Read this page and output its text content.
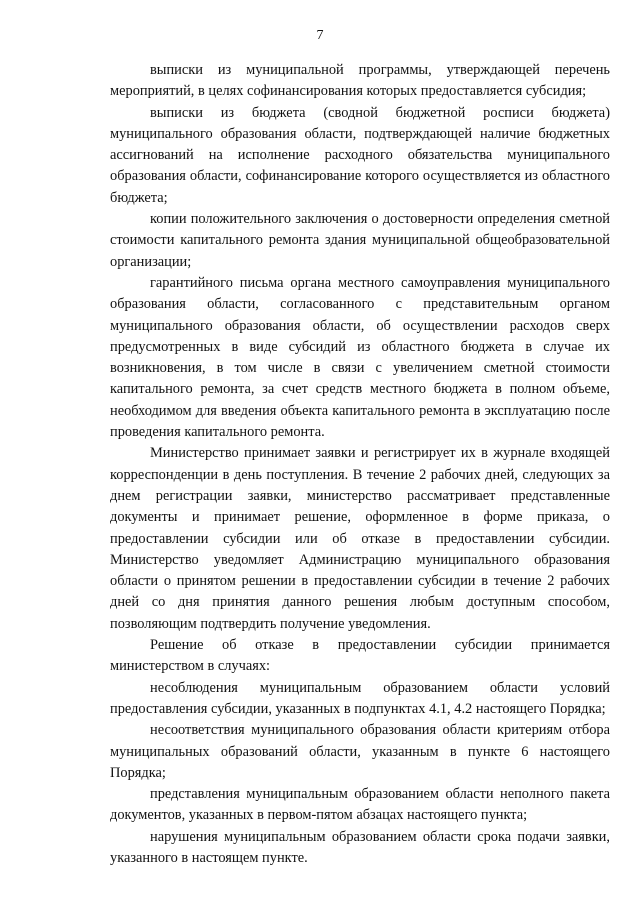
7

выписки из муниципальной программы, утверждающей перечень мероприятий, в целях софинансирования которых предоставляется субсидия;

выписки из бюджета (сводной бюджетной росписи бюджета) муниципального образования области, подтверждающей наличие бюджетных ассигнований на исполнение расходного обязательства муниципального образования области, софинансирование которого осуществляется из областного бюджета;

копии положительного заключения о достоверности определения сметной стоимости капитального ремонта здания муниципальной общеобразовательной организации;

гарантийного письма органа местного самоуправления муниципального образования области, согласованного с представительным органом муниципального образования области, об осуществлении расходов сверх предусмотренных в виде субсидий из областного бюджета в случае их возникновения, в том числе в связи с увеличением сметной стоимости капитального ремонта, за счет средств местного бюджета в полном объеме, необходимом для введения объекта капитального ремонта в эксплуатацию после проведения капитального ремонта.

Министерство принимает заявки и регистрирует их в журнале входящей корреспонденции в день поступления. В течение 2 рабочих дней, следующих за днем регистрации заявки, министерство рассматривает представленные документы и принимает решение, оформленное в форме приказа, о предоставлении субсидии или об отказе в предоставлении субсидии. Министерство уведомляет Администрацию муниципального образования области о принятом решении в предоставлении субсидии в течение 2 рабочих дней со дня принятия данного решения любым доступным способом, позволяющим подтвердить получение уведомления.

Решение об отказе в предоставлении субсидии принимается министерством в случаях:

несоблюдения муниципальным образованием области условий предоставления субсидии, указанных в подпунктах 4.1, 4.2 настоящего Порядка;

несоответствия муниципального образования области критериям отбора муниципальных образований области, указанным в пункте 6 настоящего Порядка;

представления муниципальным образованием области неполного пакета документов, указанных в первом-пятом абзацах настоящего пункта;

нарушения муниципальным образованием области срока подачи заявки, указанного в настоящем пункте.
